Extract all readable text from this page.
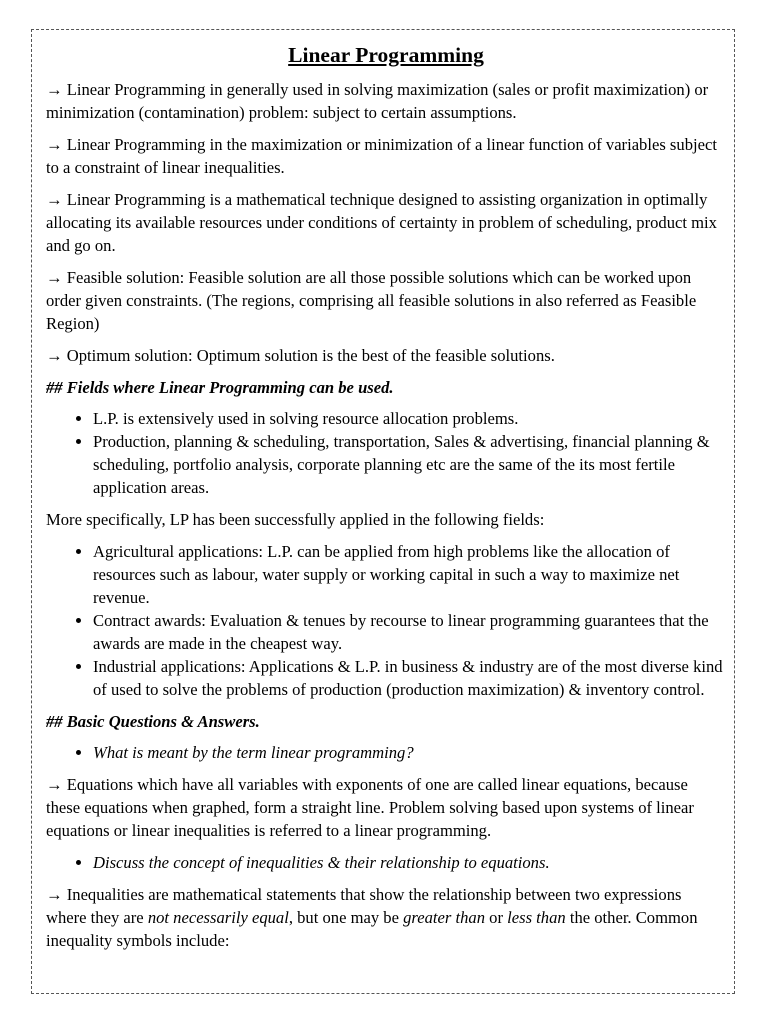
Linear Programming

→ Linear Programming in generally used in solving maximization (sales or profit maximization) or minimization (contamination) problem: subject to certain assumptions.

→ Linear Programming in the maximization or minimization of a linear function of variables subject to a constraint of linear inequalities.

→ Linear Programming is a mathematical technique designed to assisting organization in optimally allocating its available resources under conditions of certainty in problem of scheduling, product mix and go on.

→ Feasible solution: Feasible solution are all those possible solutions which can be worked upon order given constraints. (The regions, comprising all feasible solutions in also referred as Feasible Region)

→ Optimum solution: Optimum solution is the best of the feasible solutions.

## Fields where Linear Programming can be used.

• L.P. is extensively used in solving resource allocation problems.
• Production, planning & scheduling, transportation, Sales & advertising, financial planning & scheduling, portfolio analysis, corporate planning etc are the same of the its most fertile application areas.

More specifically, LP has been successfully applied in the following fields:

• Agricultural applications: L.P. can be applied from high problems like the allocation of resources such as labour, water supply or working capital in such a way to maximize net revenue.
• Contract awards: Evaluation & tenues by recourse to linear programming guarantees that the awards are made in the cheapest way.
• Industrial applications: Applications & L.P. in business & industry are of the most diverse kind of used to solve the problems of production (production maximization) & inventory control.

## Basic Questions & Answers.

• What is meant by the term linear programming?

→ Equations which have all variables with exponents of one are called linear equations, because these equations when graphed, form a straight line. Problem solving based upon systems of linear equations or linear inequalities is referred to a linear programming.

• Discuss the concept of inequalities & their relationship to equations.

→ Inequalities are mathematical statements that show the relationship between two expressions where they are not necessarily equal, but one may be greater than or less than the other. Common inequality symbols include:
